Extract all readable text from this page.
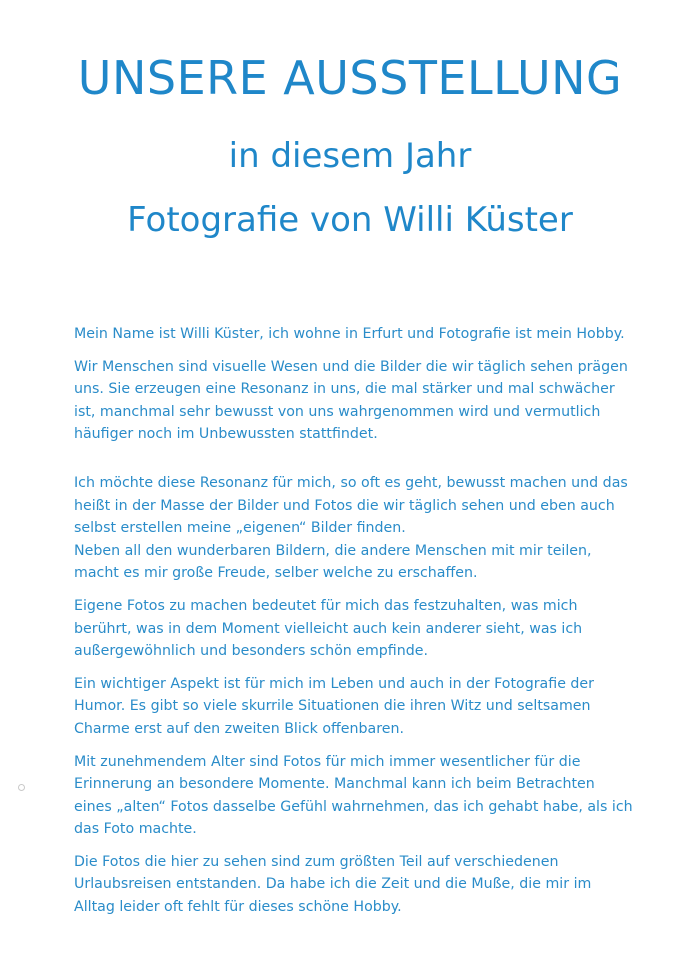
UNSERE AUSSTELLUNG
in diesem Jahr
Fotografie von Willi Küster

Mein Name ist Willi Küster, ich wohne in Erfurt und Fotografie ist mein Hobby.

Wir Menschen sind visuelle Wesen und die Bilder die wir täglich sehen prägen uns. Sie erzeugen eine Resonanz in uns, die mal stärker und mal schwächer ist, manchmal sehr bewusst von uns wahrgenommen wird und vermutlich häufiger noch im Unbewussten stattfindet.

Ich möchte diese Resonanz für mich, so oft es geht, bewusst machen und das heißt in der Masse der Bilder und Fotos die wir täglich sehen und eben auch selbst erstellen meine „eigenen“ Bilder finden.

Neben all den wunderbaren Bildern, die andere Menschen mit mir teilen, macht es mir große Freude, selber welche zu erschaffen.

Eigene Fotos zu machen bedeutet für mich das festzuhalten, was mich berührt, was in dem Moment vielleicht auch kein anderer sieht, was ich außergewöhnlich und besonders schön empfinde.

Ein wichtiger Aspekt ist für mich im Leben und auch in der Fotografie der Humor. Es gibt so viele skurrile Situationen die ihren Witz und seltsamen Charme erst auf den zweiten Blick offenbaren.

Mit zunehmendem Alter sind Fotos für mich immer wesentlicher für die Erinnerung an besondere Momente. Manchmal kann ich beim Betrachten eines „alten“ Fotos dasselbe Gefühl wahrnehmen, das ich gehabt habe, als ich das Foto machte.

Die Fotos die hier zu sehen sind zum größten Teil auf verschiedenen Urlaubsreisen entstanden. Da habe ich die Zeit und die Muße, die mir im Alltag leider oft fehlt für dieses schöne Hobby.
